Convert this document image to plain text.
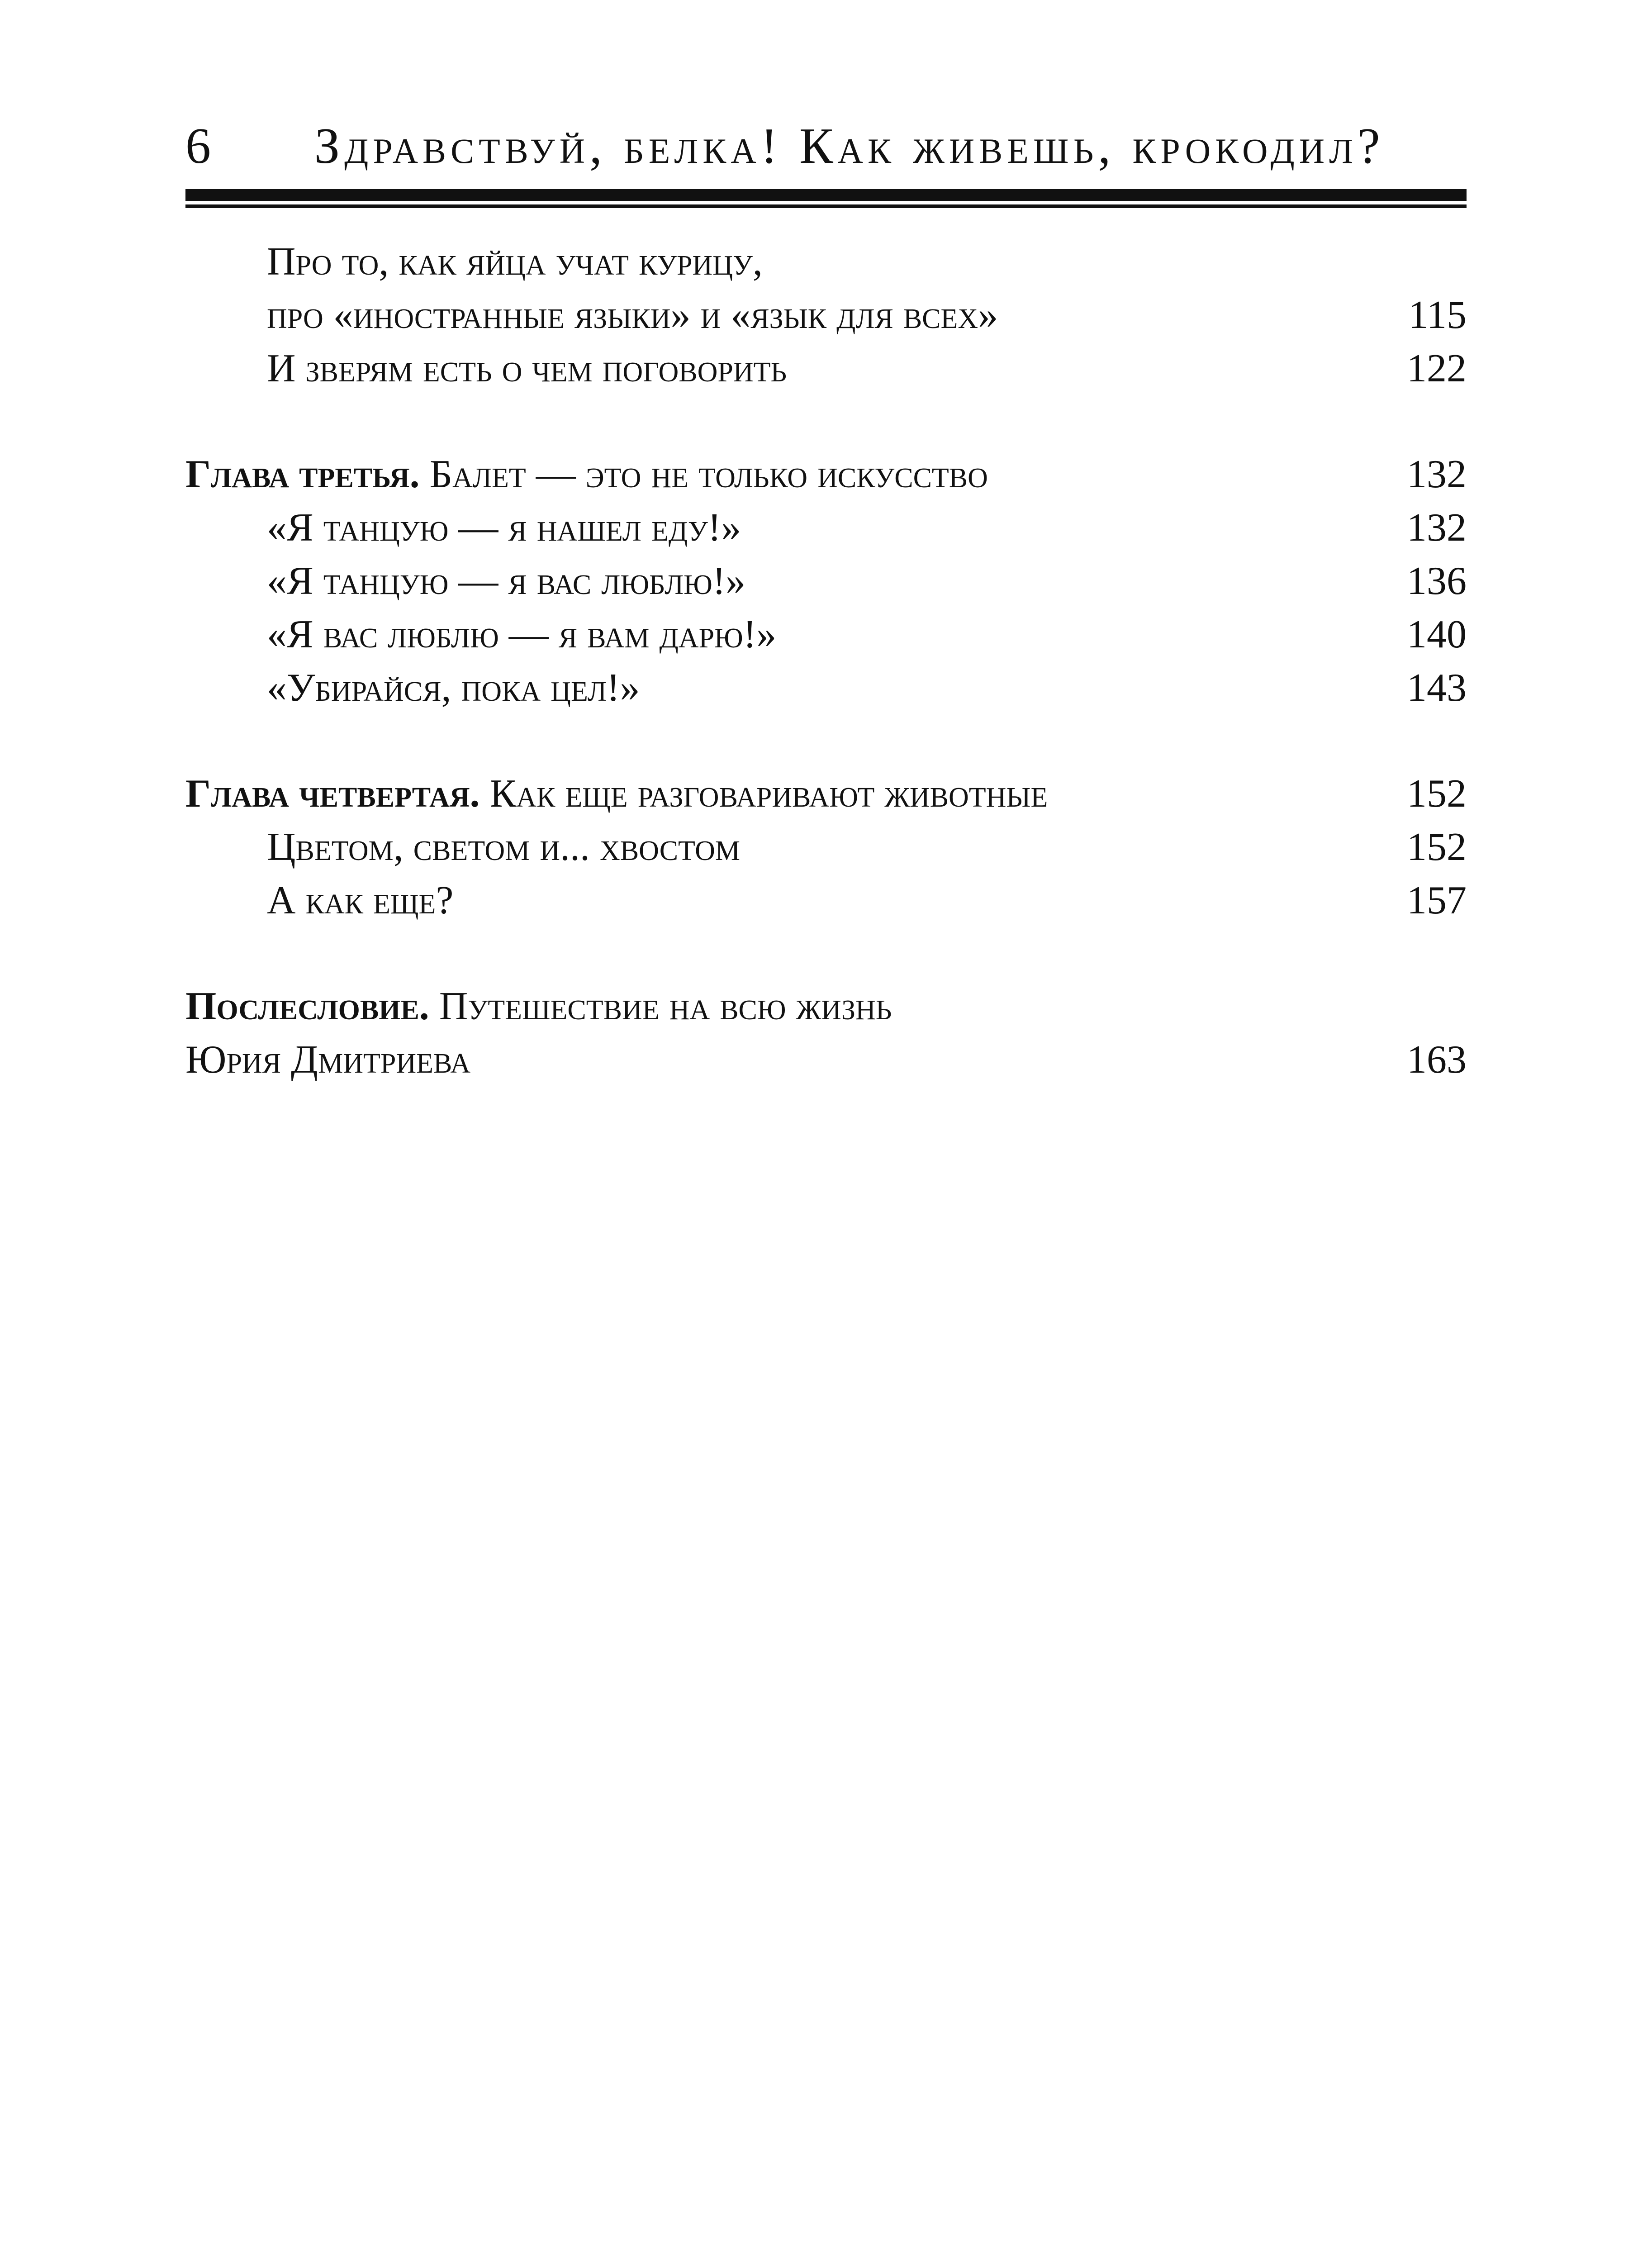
6 Здравствуй, белка! Как живешь, крокодил?
Про то, как яйца учат курицу,
про «иностранные языки» и «язык для всех»	115
И зверям есть о чем поговорить	122
Глава третья. Балет — это не только искусство	132
«Я танцую — я нашел еду!»	132
«Я танцую — я вас люблю!»	136
«Я вас люблю — я вам дарю!»	140
«Убирайся, пока цел!»	143
Глава четвертая. Как еще разговаривают животные	152
Цветом, светом и... хвостом	152
А как еще?	157
Послесловие. Путешествие на всю жизнь
Юрия Дмитриева	163
